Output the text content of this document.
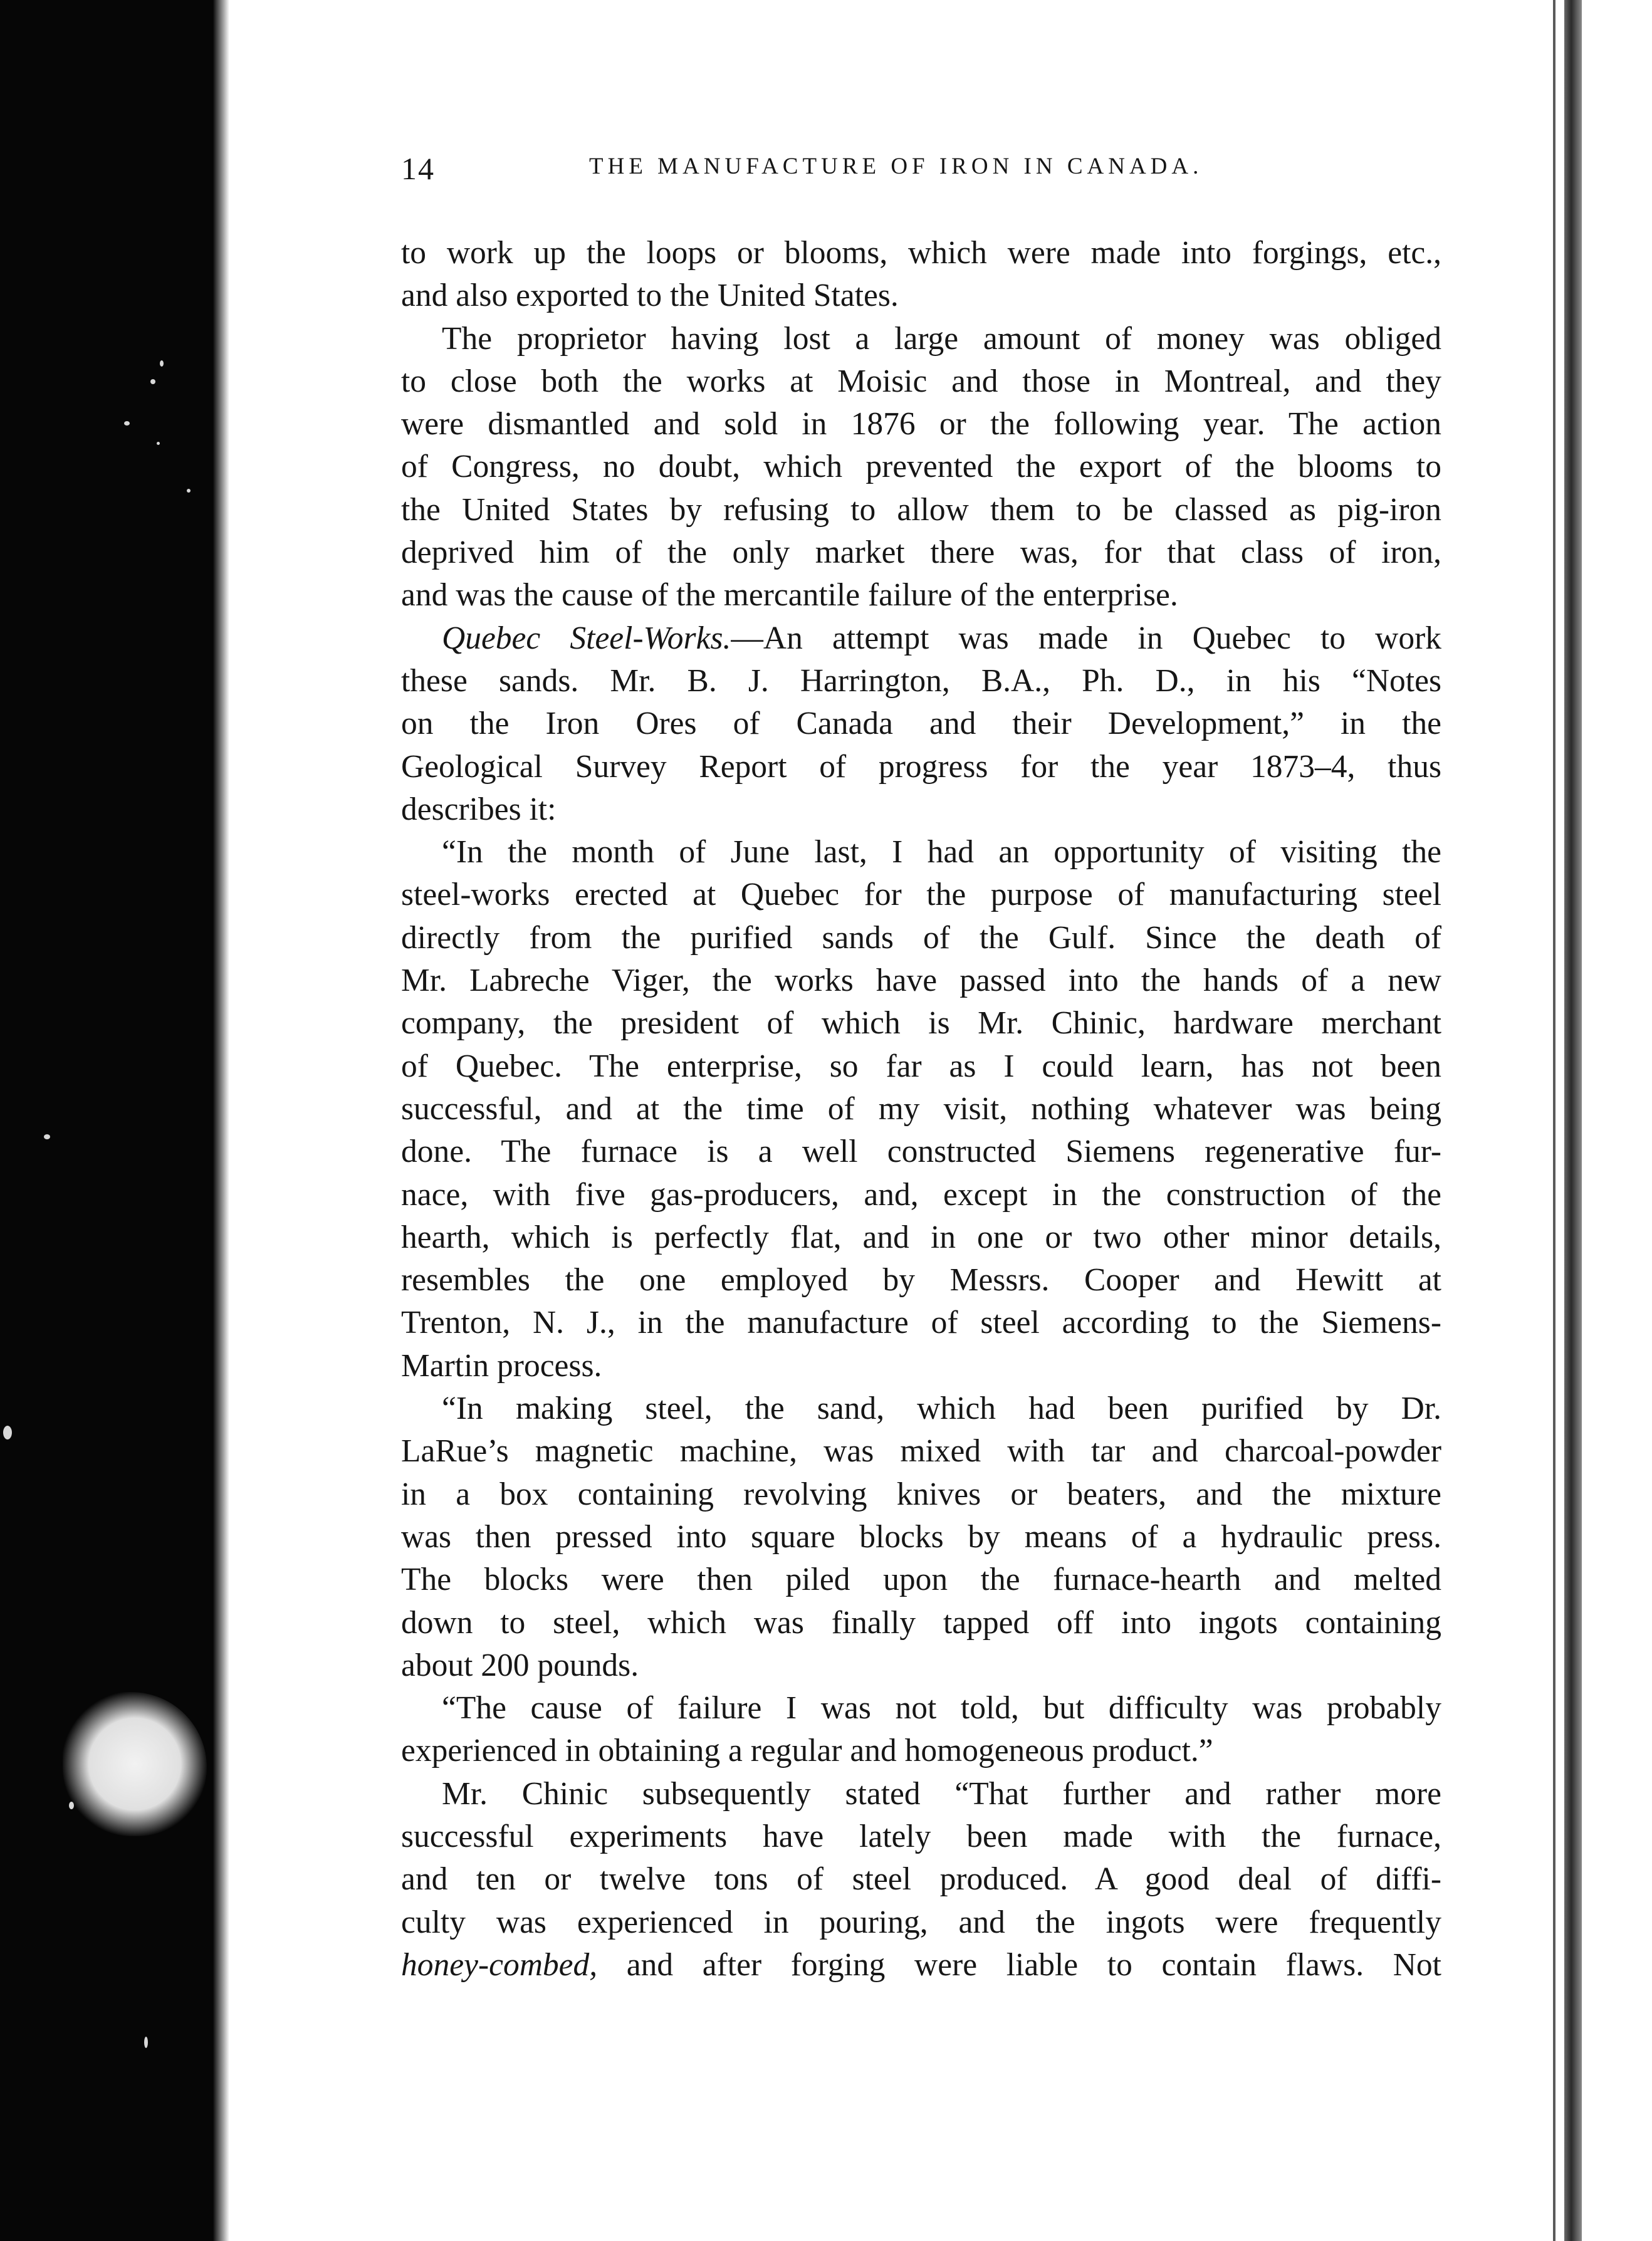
14	THE MANUFACTURE OF IRON IN CANADA.

to work up the loops or blooms, which were made into forgings, etc.,

and also exported to the United States.

The proprietor having lost a large amount of money was obliged

to close both the works at Moisic and those in Montreal, and they

were dismantled and sold in 1876 or the following year. The action

of Congress, no doubt, which prevented the export of the blooms to

the United States by refusing to allow them to be classed as pig-iron

deprived him of the only market there was, for that class of iron,

and was the cause of the mercantile failure of the enterprise.

Quebec Steel-Works.—An attempt was made in Quebec to work

these sands. Mr. B. J. Harrington, B.A., Ph. D., in his “Notes

on the Iron Ores of Canada and their Development,” in the

Geological Survey Report of progress for the year 1873–4, thus

describes it:

“In the month of June last, I had an opportunity of visiting the

steel-works erected at Quebec for the purpose of manufacturing steel

directly from the purified sands of the Gulf. Since the death of

Mr. Labreche Viger, the works have passed into the hands of a new

company, the president of which is Mr. Chinic, hardware merchant

of Quebec. The enterprise, so far as I could learn, has not been

successful, and at the time of my visit, nothing whatever was being

done. The furnace is a well constructed Siemens regenerative fur-

nace, with five gas-producers, and, except in the construction of the

hearth, which is perfectly flat, and in one or two other minor details,

resembles the one employed by Messrs. Cooper and Hewitt at

Trenton, N. J., in the manufacture of steel according to the Siemens-

Martin process.

“In making steel, the sand, which had been purified by Dr.

LaRue’s magnetic machine, was mixed with tar and charcoal-powder

in a box containing revolving knives or beaters, and the mixture

was then pressed into square blocks by means of a hydraulic press.

The blocks were then piled upon the furnace-hearth and melted

down to steel, which was finally tapped off into ingots containing

about 200 pounds.

“The cause of failure I was not told, but difficulty was probably

experienced in obtaining a regular and homogeneous product.”

Mr. Chinic subsequently stated “That further and rather more

successful experiments have lately been made with the furnace,

and ten or twelve tons of steel produced. A good deal of diffi-

culty was experienced in pouring, and the ingots were frequently

honey-combed, and after forging were liable to contain flaws. Not
